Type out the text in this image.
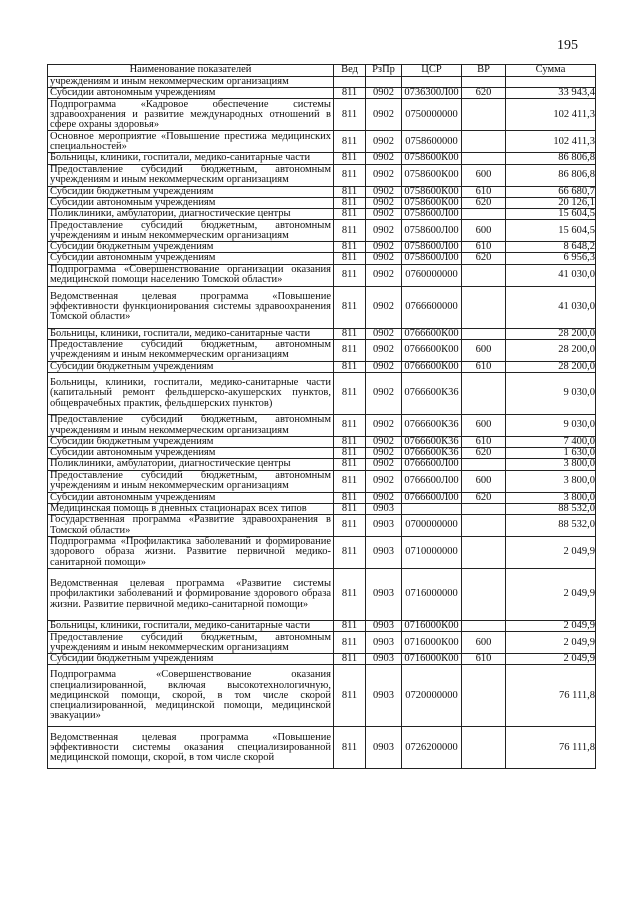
195
Наименование показателей	Вед	РзПр	ЦСР	ВР	Сумма
учреждениям и иным некоммерческим организациям					
Субсидии автономным учреждениям	811	0902	0736300Л00	620	33 943,4
Подпрограмма «Кадровое обеспечение системы здравоохранения и развитие международных отношений в сфере охраны здоровья»	811	0902	0750000000		102 411,3
Основное мероприятие «Повышение престижа медицинских специальностей»	811	0902	0758600000		102 411,3
Больницы, клиники, госпитали, медико-санитарные части	811	0902	0758600К00		86 806,8
Предоставление субсидий бюджетным, автономным учреждениям и иным некоммерческим организациям	811	0902	0758600К00	600	86 806,8
Субсидии бюджетным учреждениям	811	0902	0758600К00	610	66 680,7
Субсидии автономным учреждениям	811	0902	0758600К00	620	20 126,1
Поликлиники, амбулатории, диагностические центры	811	0902	0758600Л00		15 604,5
Предоставление субсидий бюджетным, автономным учреждениям и иным некоммерческим организациям	811	0902	0758600Л00	600	15 604,5
Субсидии бюджетным учреждениям	811	0902	0758600Л00	610	8 648,2
Субсидии автономным учреждениям	811	0902	0758600Л00	620	6 956,3
Подпрограмма «Совершенствование организации оказания медицинской помощи населению Томской области»	811	0902	0760000000		41 030,0
Ведомственная целевая программа «Повышение эффективности функционирования системы здравоохранения Томской области»	811	0902	0766600000		41 030,0
Больницы, клиники, госпитали, медико-санитарные части	811	0902	0766600К00		28 200,0
Предоставление субсидий бюджетным, автономным учреждениям и иным некоммерческим организациям	811	0902	0766600К00	600	28 200,0
Субсидии бюджетным учреждениям	811	0902	0766600К00	610	28 200,0
Больницы, клиники, госпитали, медико-санитарные части (капитальный ремонт фельдшерско-акушерских пунктов, общеврачебных практик, фельдшерских пунктов)	811	0902	0766600К36		9 030,0
Предоставление субсидий бюджетным, автономным учреждениям и иным некоммерческим организациям	811	0902	0766600К36	600	9 030,0
Субсидии бюджетным учреждениям	811	0902	0766600К36	610	7 400,0
Субсидии автономным учреждениям	811	0902	0766600К36	620	1 630,0
Поликлиники, амбулатории, диагностические центры	811	0902	0766600Л00		3 800,0
Предоставление субсидий бюджетным, автономным учреждениям и иным некоммерческим организациям	811	0902	0766600Л00	600	3 800,0
Субсидии автономным учреждениям	811	0902	0766600Л00	620	3 800,0
Медицинская помощь в дневных стационарах всех типов	811	0903			88 532,0
Государственная программа «Развитие здравоохранения в Томской области»	811	0903	0700000000		88 532,0
Подпрограмма «Профилактика заболеваний и формирование здорового образа жизни. Развитие первичной медико-санитарной помощи»	811	0903	0710000000		2 049,9
Ведомственная целевая программа «Развитие системы профилактики заболеваний и формирование здорового образа жизни. Развитие первичной медико-санитарной помощи»	811	0903	0716000000		2 049,9
Больницы, клиники, госпитали, медико-санитарные части	811	0903	0716000К00		2 049,9
Предоставление субсидий бюджетным, автономным учреждениям и иным некоммерческим организациям	811	0903	0716000К00	600	2 049,9
Субсидии бюджетным учреждениям	811	0903	0716000К00	610	2 049,9
Подпрограмма «Совершенствование оказания специализированной, включая высокотехнологичную, медицинской помощи, скорой, в том числе скорой специализированной, медицинской помощи, медицинской эвакуации»	811	0903	0720000000		76 111,8
Ведомственная целевая программа «Повышение эффективности системы оказания специализированной медицинской помощи, скорой, в том числе скорой	811	0903	0726200000		76 111,8
